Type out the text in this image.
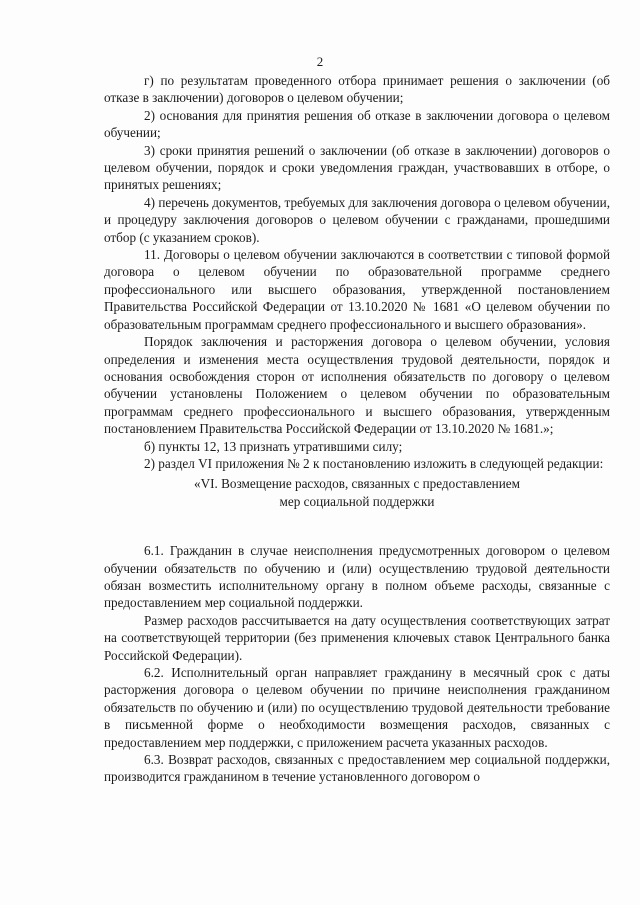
2

г) по результатам проведенного отбора принимает решения о заключении (об отказе в заключении) договоров о целевом обучении;

2) основания для принятия решения об отказе в заключении договора о целевом обучении;

3) сроки принятия решений о заключении (об отказе в заключении) договоров о целевом обучении, порядок и сроки уведомления граждан, участвовавших в отборе, о принятых решениях;

4) перечень документов, требуемых для заключения договора о целевом обучении, и процедуру заключения договоров о целевом обучении с гражданами, прошедшими отбор (с указанием сроков).

11. Договоры о целевом обучении заключаются в соответствии с типовой формой договора о целевом обучении по образовательной программе среднего профессионального или высшего образования, утвержденной постановлением Правительства Российской Федерации от 13.10.2020 № 1681 «О целевом обучении по образовательным программам среднего профессионального и высшего образования».

Порядок заключения и расторжения договора о целевом обучении, условия определения и изменения места осуществления трудовой деятельности, порядок и основания освобождения сторон от исполнения обязательств по договору о целевом обучении установлены Положением о целевом обучении по образовательным программам среднего профессионального и высшего образования, утвержденным постановлением Правительства Российской Федерации от 13.10.2020 № 1681.»;

б) пункты 12, 13 признать утратившими силу;

2) раздел VI приложения № 2 к постановлению изложить в следующей редакции:

«VI. Возмещение расходов, связанных с предоставлением
мер социальной поддержки

6.1. Гражданин в случае неисполнения предусмотренных договором о целевом обучении обязательств по обучению и (или) осуществлению трудовой деятельности обязан возместить исполнительному органу в полном объеме расходы, связанные с предоставлением мер социальной поддержки.

Размер расходов рассчитывается на дату осуществления соответствующих затрат на соответствующей территории (без применения ключевых ставок Центрального банка Российской Федерации).

6.2. Исполнительный орган направляет гражданину в месячный срок с даты расторжения договора о целевом обучении по причине неисполнения гражданином обязательств по обучению и (или) по осуществлению трудовой деятельности требование в письменной форме о необходимости возмещения расходов, связанных с предоставлением мер поддержки, с приложением расчета указанных расходов.

6.3. Возврат расходов, связанных с предоставлением мер социальной поддержки, производится гражданином в течение установленного договором о
